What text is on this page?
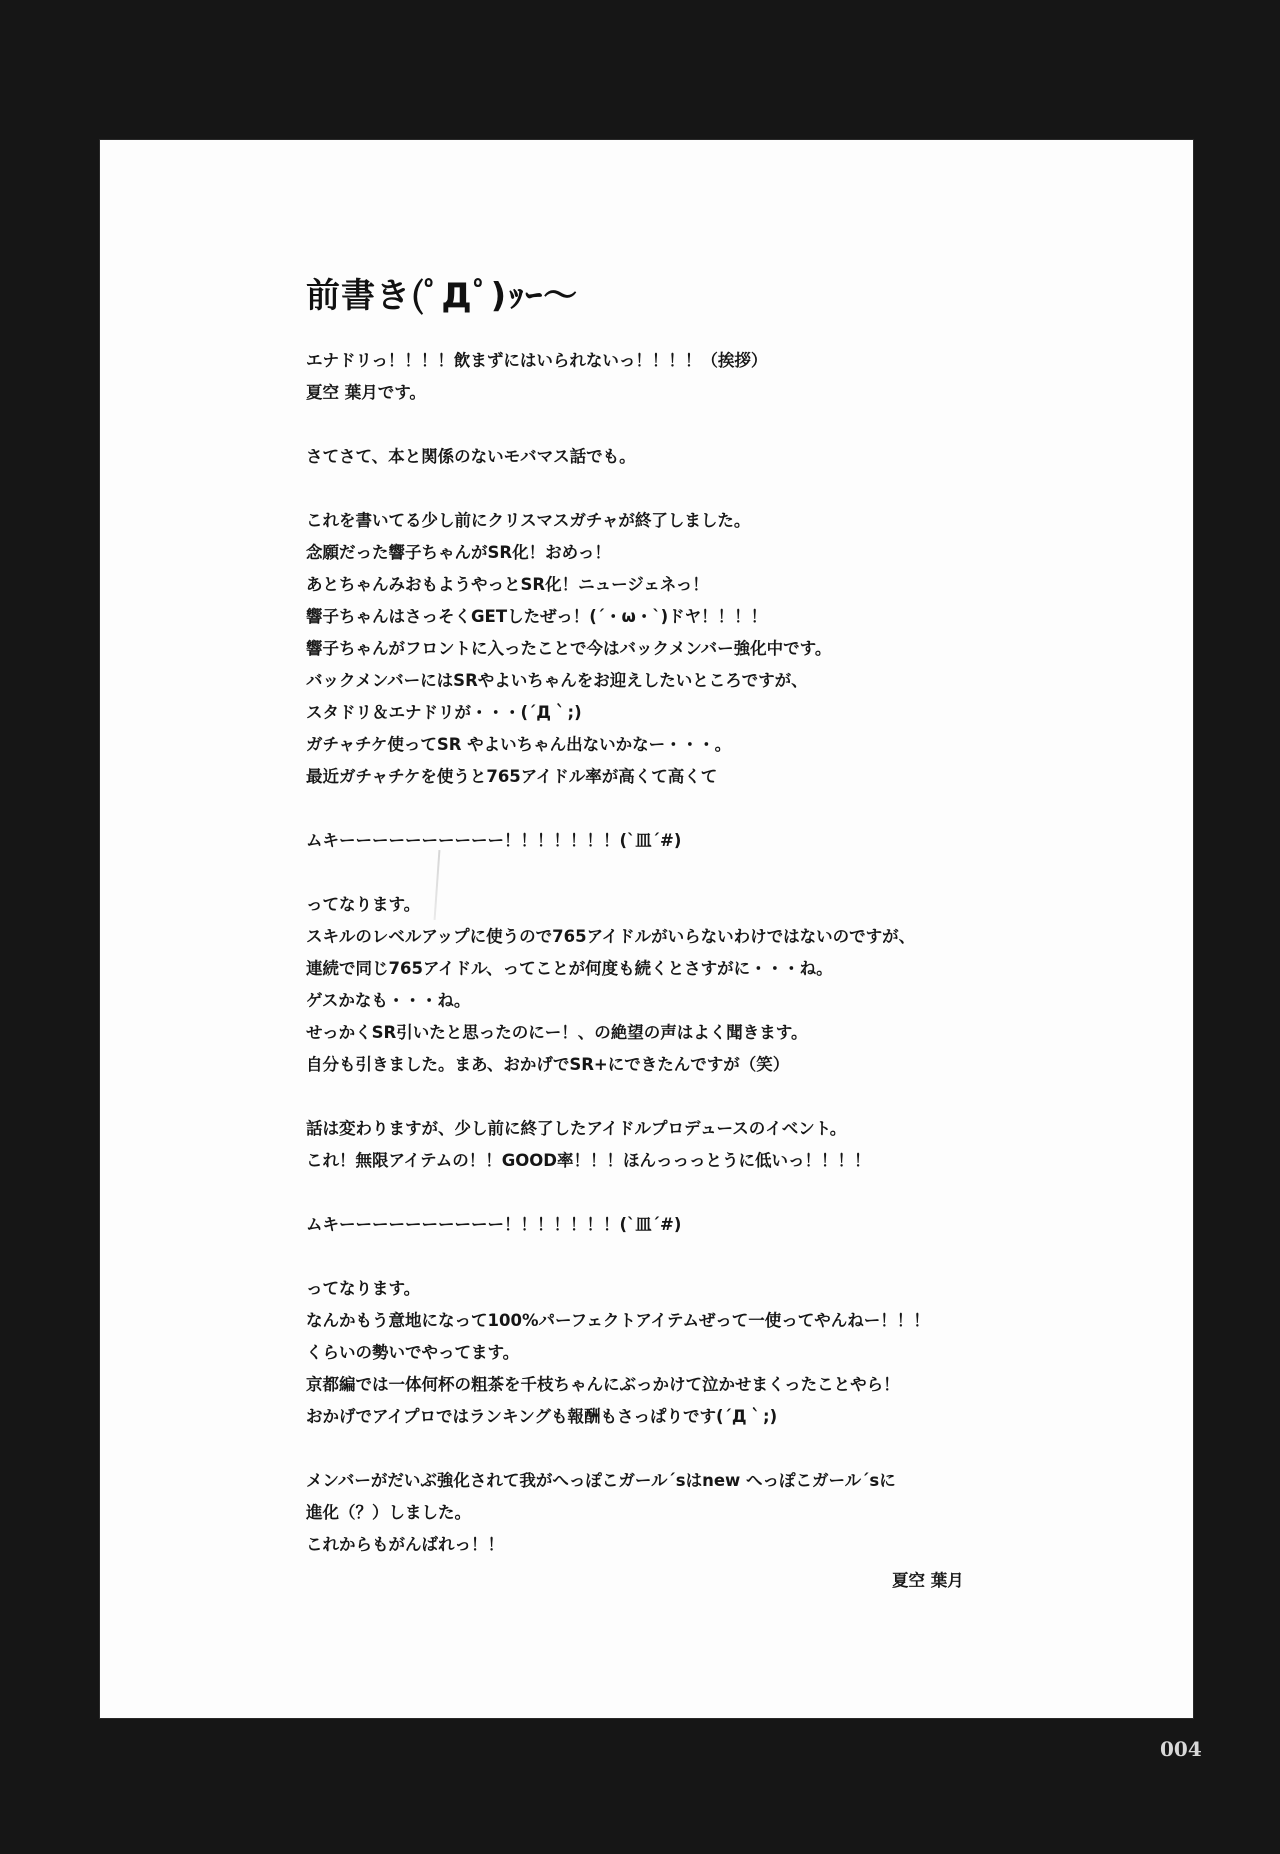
前書き(ﾟДﾟ)ｯｰ～
エナドリっ！！！！飲まずにはいられないっ！！！！（挨拶）
夏空 葉月です。
さてさて、本と関係のないモバマス話でも。
これを書いてる少し前にクリスマスガチャが終了しました。
念願だった響子ちゃんがSR化！おめっ！
あとちゃんみおもようやっとSR化！ニュージェネっ！
響子ちゃんはさっそくGETしたぜっ！(´・ω・`)ドヤ！！！！
響子ちゃんがフロントに入ったことで今はバックメンバー強化中です。
バックメンバーにはSRやよいちゃんをお迎えしたいところですが、
スタドリ＆エナドリが・・・(´Д｀;)
ガチャチケ使ってSR やよいちゃん出ないかなー・・・。
最近ガチャチケを使うと765アイドル率が高くて高くて
ムキーーーーーーーーーー！！！！！！！(`皿´#)
ってなります。
スキルのレベルアップに使うので765アイドルがいらないわけではないのですが、
連続で同じ765アイドル、ってことが何度も続くとさすがに・・・ね。
ゲスかなも・・・ね。
せっかくSR引いたと思ったのにー！、の絶望の声はよく聞きます。
自分も引きました。まあ、おかげでSR+にできたんですが（笑）
話は変わりますが、少し前に終了したアイドルプロデュースのイベント。
これ！無限アイテムの！！GOOD率！！！ほんっっっとうに低いっ！！！！
ムキーーーーーーーーーー！！！！！！！(`皿´#)
ってなります。
なんかもう意地になって100%パーフェクトアイテムぜって一使ってやんねー！！！
くらいの勢いでやってます。
京都編では一体何杯の粗茶を千枝ちゃんにぶっかけて泣かせまくったことやら！
おかげでアイプロではランキングも報酬もさっぱりです(´Д｀;)
メンバーがだいぶ強化されて我がへっぽこガール´sはnew へっぽこガール´sに
進化（？）しました。
これからもがんばれっ！！
夏空 葉月
004
